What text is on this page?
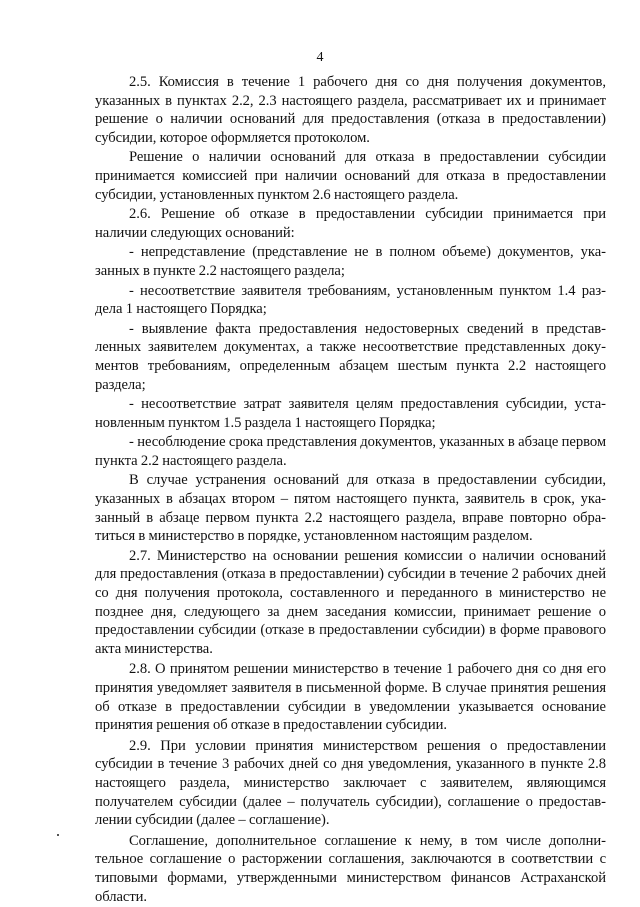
4

2.5. Комиссия в течение 1 рабочего дня со дня получения документов, указанных в пунктах 2.2, 2.3 настоящего раздела, рассматривает их и принимает решение о наличии оснований для предоставления (отказа в предоставлении) субсидии, которое оформляется протоколом.

Решение о наличии оснований для отказа в предоставлении субсидии принимается комиссией при наличии оснований для отказа в предоставлении субсидии, установленных пунктом 2.6 настоящего раздела.

2.6. Решение об отказе в предоставлении субсидии принимается при наличии следующих оснований:

- непредставление (представление не в полном объеме) документов, указанных в пункте 2.2 настоящего раздела;

- несоответствие заявителя требованиям, установленным пунктом 1.4 раздела 1 настоящего Порядка;

- выявление факта предоставления недостоверных сведений в представленных заявителем документах, а также несоответствие представленных документов требованиям, определенным абзацем шестым пункта 2.2 настоящего раздела;

- несоответствие затрат заявителя целям предоставления субсидии, установленным пунктом 1.5 раздела 1 настоящего Порядка;

- несоблюдение срока представления документов, указанных в абзаце первом пункта 2.2 настоящего раздела.

В случае устранения оснований для отказа в предоставлении субсидии, указанных в абзацах втором – пятом настоящего пункта, заявитель в срок, указанный в абзаце первом пункта 2.2 настоящего раздела, вправе повторно обратиться в министерство в порядке, установленном настоящим разделом.

2.7. Министерство на основании решения комиссии о наличии оснований для предоставления (отказа в предоставлении) субсидии в течение 2 рабочих дней со дня получения протокола, составленного и переданного в министерство не позднее дня, следующего за днем заседания комиссии, принимает решение о предоставлении субсидии (отказе в предоставлении субсидии) в форме правового акта министерства.

2.8. О принятом решении министерство в течение 1 рабочего дня со дня его принятия уведомляет заявителя в письменной форме. В случае принятия решения об отказе в предоставлении субсидии в уведомлении указывается основание принятия решения об отказе в предоставлении субсидии.

2.9. При условии принятия министерством решения о предоставлении субсидии в течение 3 рабочих дней со дня уведомления, указанного в пункте 2.8 настоящего раздела, министерство заключает с заявителем, являющимся получателем субсидии (далее – получатель субсидии), соглашение о предоставлении субсидии (далее – соглашение).

Соглашение, дополнительное соглашение к нему, в том числе дополнительное соглашение о расторжении соглашения, заключаются в соответствии с типовыми формами, утвержденными министерством финансов Астраханской области.
